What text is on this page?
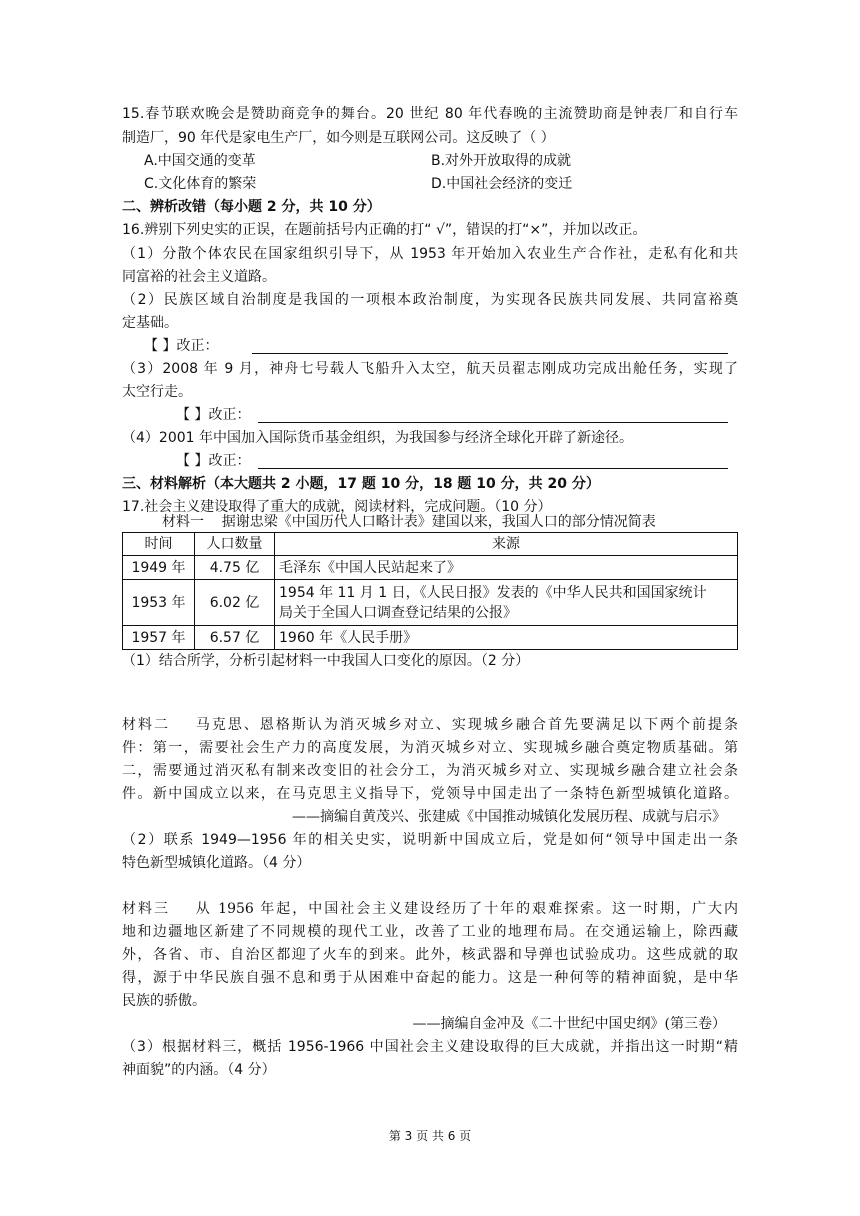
15.春节联欢晚会是赞助商竞争的舞台。20 世纪 80 年代春晚的主流赞助商是钟表厂和自行车
制造厂，90 年代是家电生产厂，如今则是互联网公司。这反映了（ ）
A.中国交通的变革	B.对外开放取得的成就
C.文化体育的繁荣	D.中国社会经济的变迁
二、辨析改错（每小题 2 分，共 10 分）
16.辨别下列史实的正误，在题前括号内正确的打“ √”，错误的打“×”，并加以改正。
（1）分散个体农民在国家组织引导下，从 1953 年开始加入农业生产合作社，走私有化和共
同富裕的社会主义道路。
（2）民族区域自治制度是我国的一项根本政治制度，为实现各民族共同发展、共同富裕奠
定基础。
【 】改正：
（3）2008 年 9 月，神舟七号载人飞船升入太空，航天员翟志刚成功完成出舱任务，实现了
太空行走。
【 】改正：
（4）2001 年中国加入国际货币基金组织，为我国参与经济全球化开辟了新途径。
【 】改正：
三、材料解析（本大题共 2 小题，17 题 10 分，18 题 10 分，共 20 分）
17.社会主义建设取得了重大的成就，阅读材料，完成问题。（10 分）
材料一    据谢忠梁《中国历代人口略计表》建国以来，我国人口的部分情况简表
时间	人口数量	来源
1949 年	4.75 亿	毛泽东《中国人民站起来了》
1953 年	6.02 亿	1954 年 11 月 1 日，《人民日报》发表的《中华人民共和国国家统计
局关于全国人口调查登记结果的公报》

1957 年	6.57 亿	1960 年《人民手册》
（1）结合所学，分析引起材料一中我国人口变化的原因。（2 分）
材料二    马克思、恩格斯认为消灭城乡对立、实现城乡融合首先要满足以下两个前提条
件：第一，需要社会生产力的高度发展，为消灭城乡对立、实现城乡融合奠定物质基础。第
二，需要通过消灭私有制来改变旧的社会分工，为消灭城乡对立、实现城乡融合建立社会条
件。新中国成立以来，在马克思主义指导下，党领导中国走出了一条特色新型城镇化道路。
——摘编自黄茂兴、张建威《中国推动城镇化发展历程、成就与启示》
（2）联系 1949—1956 年的相关史实，说明新中国成立后，党是如何“领导中国走出一条
特色新型城镇化道路。（4 分）
材料三    从 1956 年起，中国社会主义建设经历了十年的艰难探索。这一时期，广大内
地和边疆地区新建了不同规模的现代工业，改善了工业的地理布局。在交通运输上，除西藏
外，各省、市、自治区都迎了火车的到来。此外，核武器和导弹也试验成功。这些成就的取
得，源于中华民族自强不息和勇于从困难中奋起的能力。这是一种何等的精神面貌，是中华
民族的骄傲。
——摘编自金冲及《二十世纪中国史纲》(第三卷）
（3）根据材料三，概括 1956-1966 中国社会主义建设取得的巨大成就，并指出这一时期“精
神面貌”的内涵。（4 分）
第 3 页 共 6 页
